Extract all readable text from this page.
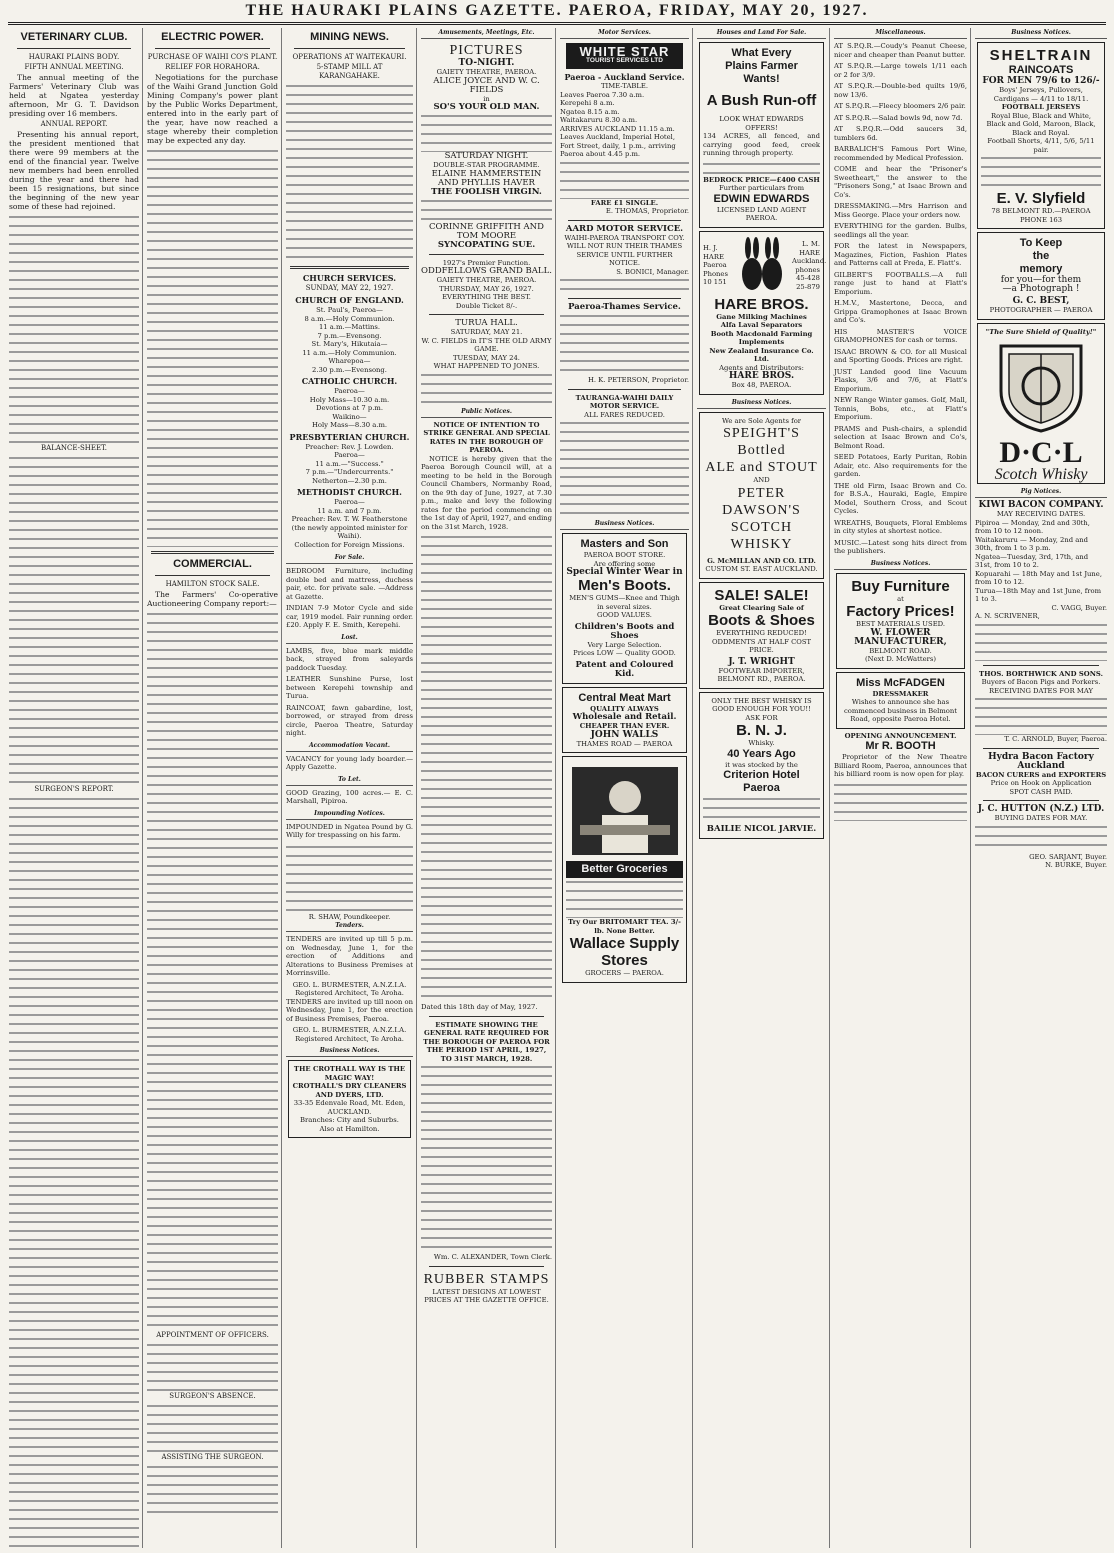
THE HAURAKI PLAINS GAZETTE. PAEROA, FRIDAY, MAY 20, 1927.
VETERINARY CLUB.
HAURAKI PLAINS BODY.
FIFTH ANNUAL MEETING.

The annual meeting of the Farmers' Veterinary Club was held at Ngatea yesterday afternoon, Mr G. T. Davidson presiding over 16 members.

ANNUAL REPORT.

Presenting his annual report, the president mentioned that there were 99 members at the end of the financial year. Twelve new members had been enrolled during the year and there had been 15 resignations, but since the beginning of the new year some of these had rejoined.

BALANCE-SHEET.
SURGEON'S REPORT.
ELECTRIC POWER.
PURCHASE OF WAIHI CO'S PLANT.
RELIEF FOR HORAHORA.

Negotiations for the purchase of the Waihi Grand Junction Gold Mining Company's power plant by the Public Works Department, entered into in the early part of the year, have now reached a stage whereby their completion may be expected any day.

COMMERCIAL.
HAMILTON STOCK SALE.

The Farmers' Co-operative Auctioneering Company report:—

APPOINTMENT OF OFFICERS.
SURGEON'S ABSENCE.
ASSISTING THE SURGEON.
MINING NEWS.
OPERATIONS AT WAITEKAURI.
5-STAMP MILL AT KARANGAHAKE.
CHURCH SERVICES.
SUNDAY, MAY 22, 1927.
CHURCH OF ENGLAND.
St. Paul's, Paeroa—
8 a.m.—Holy Communion.
11 a.m.—Mattins.
7 p.m.—Evensong.
St. Mary's, Hikutaia—
11 a.m.—Holy Communion.
Wharepoa—
2.30 p.m.—Evensong.
CATHOLIC CHURCH.
Paeroa—
Holy Mass—10.30 a.m.
Devotions at 7 p.m.
Waikino—
Holy Mass—8.30 a.m.
PRESBYTERIAN CHURCH.
Preacher: Rev. J. Lowden.
Paeroa—
11 a.m.—"Success."
7 p.m.—"Undercurrents."
Netherton—2.30 p.m.
METHODIST CHURCH.
Paeroa—
11 a.m. and 7 p.m.
Preacher: Rev. T. W. Featherstone (the newly appointed minister for Waihi).
Collection for Foreign Missions.
For Sale.

BEDROOM Furniture, including double bed and mattress, duchess pair, etc. for private sale. —Address at Gazette.

INDIAN 7-9 Motor Cycle and side car, 1919 model. Fair running order. £20. Apply F. E. Smith, Kerepehi.

Lost.

LAMBS, five, blue mark middle back, strayed from saleyards paddock Tuesday.

LEATHER Sunshine Purse, lost between Kerepehi township and Turua.

RAINCOAT, fawn gabardine, lost, borrowed, or strayed from dress circle, Paeroa Theatre, Saturday night.

Accommodation Vacant.

VACANCY for young lady boarder.—Apply Gazette.

To Let.

GOOD Grazing, 100 acres.— E. C. Marshall, Pipiroa.

Impounding Notices.

IMPOUNDED in Ngatea Pound by G. Willy for trespassing on his farm.

R. SHAW, Poundkeeper.
Tenders.

TENDERS are invited up till 5 p.m. on Wednesday, June 1, for the erection of Additions and Alterations to Business Premises at Morrinsville.

GEO. L. BURMESTER, A.N.Z.I.A. Registered Architect, Te Aroha.

TENDERS are invited up till noon on Wednesday, June 1, for the erection of Business Premises, Paeroa.

GEO. L. BURMESTER, A.N.Z.I.A. Registered Architect, Te Aroha.
Business Notices.
THE CROTHALL WAY IS THE MAGIC WAY!
CROTHALL'S DRY CLEANERS AND DYERS, LTD.
33-35 Edenvale Road, Mt. Eden, AUCKLAND.
Branches: City and Suburbs. Also at Hamilton.
Amusements, Meetings, Etc.
PICTURES
TO-NIGHT.
GAIETY THEATRE, PAEROA.
ALICE JOYCE AND W. C. FIELDS
in
SO'S YOUR OLD MAN.
SATURDAY NIGHT.
DOUBLE-STAR PROGRAMME.
ELAINE HAMMERSTEIN AND PHYLLIS HAVER
THE FOOLISH VIRGIN.
CORINNE GRIFFITH AND TOM MOORE
SYNCOPATING SUE.
1927's Premier Function.
ODDFELLOWS GRAND BALL.
GAIETY THEATRE, PAEROA.
THURSDAY, MAY 26, 1927.
EVERYTHING THE BEST.
Double Ticket 8/-.
TURUA HALL.
SATURDAY, MAY 21.
W. C. FIELDS in IT'S THE OLD ARMY GAME.
TUESDAY, MAY 24.
WHAT HAPPENED TO JONES.
Public Notices.
NOTICE OF INTENTION TO STRIKE GENERAL AND SPECIAL RATES IN THE BOROUGH OF PAEROA.

NOTICE is hereby given that the Paeroa Borough Council will, at a meeting to be held in the Borough Council Chambers, Normanby Road, on the 9th day of June, 1927, at 7.30 p.m., make and levy the following rates for the period commencing on the 1st day of April, 1927, and ending on the 31st March, 1928.

Dated this 18th day of May, 1927.
ESTIMATE SHOWING THE GENERAL RATE REQUIRED FOR THE BOROUGH OF PAEROA FOR THE PERIOD 1ST APRIL, 1927, TO 31ST MARCH, 1928.
Wm. C. ALEXANDER, Town Clerk.
RUBBER STAMPS
LATEST DESIGNS AT LOWEST PRICES AT THE GAZETTE OFFICE.
Motor Services.
WHITE STAR
TOURIST SERVICES LTD
Paeroa - Auckland Service.
TIME-TABLE.
Leaves Paeroa 7.30 a.m.
Kerepehi 8 a.m.
Ngatea 8.15 a.m.
Waitakaruru 8.30 a.m.
ARRIVES AUCKLAND 11.15 a.m.
Leaves Auckland, Imperial Hotel, Fort Street, daily, 1 p.m., arriving Paeroa about 4.45 p.m.
FARE £1 SINGLE.
E. THOMAS, Proprietor.
AARD MOTOR SERVICE.
WAIHI-PAEROA TRANSPORT COY.
WILL NOT RUN THEIR THAMES SERVICE UNTIL FURTHER NOTICE.
S. BONICI, Manager.
Paeroa-Thames Service.
H. K. PETERSON, Proprietor.
TAURANGA-WAIHI DAILY MOTOR SERVICE.
ALL FARES REDUCED.
Business Notices.
Masters and Son
PAEROA BOOT STORE.
Are offering some
Special Winter Wear in
Men's Boots.
MEN'S GUMS—Knee and Thigh in several sizes.
GOOD VALUES.
Children's Boots and Shoes
Very Large Selection.
Prices LOW — Quality GOOD.
Patent and Coloured Kid.
Central Meat Mart
QUALITY ALWAYS
Wholesale and Retail.
CHEAPER THAN EVER.
JOHN WALLS
THAMES ROAD — PAEROA
Better Groceries
Try Our BRITOMART TEA. 3/- lb. None Better.
Wallace Supply Stores
GROCERS — PAEROA.
Houses and Land For Sale.
What Every
Plains Farmer
Wants!
A Bush Run-off
LOOK WHAT EDWARDS OFFERS!

134 ACRES, all fenced, and carrying good feed, creek running through property.

BEDROCK PRICE—£400 CASH
Further particulars from
EDWIN EDWARDS
LICENSED LAND AGENT PAEROA.
H. J. HARE Paeroa Phones 10 151
L. M. HARE Auckland. phones 45-428 25-879
HARE BROS.
Gane Milking Machines
Alfa Laval Separators
Booth Macdonald Farming Implements
New Zealand Insurance Co. Ltd.
Agents and Distributors:
HARE BROS.
Box 48, PAEROA.
Business Notices.
We are Sole Agents for
SPEIGHT'S
Bottled
ALE and STOUT
AND
PETER DAWSON'S
SCOTCH WHISKY
G. McMILLAN AND CO. LTD.
CUSTOM ST. EAST AUCKLAND.
SALE! SALE!
Great Clearing Sale of
Boots & Shoes
EVERYTHING REDUCED!
ODDMENTS AT HALF COST PRICE.
J. T. WRIGHT
FOOTWEAR IMPORTER, BELMONT RD., PAEROA.
ONLY THE BEST WHISKY IS GOOD ENOUGH FOR YOU!!
ASK FOR
B. N. J.
Whisky.
40 Years Ago
it was stocked by the
Criterion Hotel
Paeroa
BAILIE NICOL JARVIE.
Miscellaneous.

AT S.P.Q.R.—Coudy's Peanut Cheese, nicer and cheaper than Peanut butter.

AT S.P.Q.R.—Large towels 1/11 each or 2 for 3/9.

AT S.P.Q.R.—Double-bed quilts 19/6, now 13/6.

AT S.P.Q.R.—Fleecy bloomers 2/6 pair.

AT S.P.Q.R.—Salad bowls 9d, now 7d.

AT S.P.Q.R.—Odd saucers 3d, tumblers 6d.

BARBALICH'S Famous Port Wine, recommended by Medical Profession.

COME and hear the "Prisoner's Sweetheart," the answer to the "Prisoners Song," at Isaac Brown and Co's.

DRESSMAKING.—Mrs Harrison and Miss George. Place your orders now.

EVERYTHING for the garden. Bulbs, seedlings all the year.

FOR the latest in Newspapers, Magazines, Fiction, Fashion Plates and Patterns call at Freda, E. Flatt's.

GILBERT'S FOOTBALLS.—A full range just to hand at Flatt's Emporium.

H.M.V., Mastertone, Decca, and Grippa Gramophones at Isaac Brown and Co's.

HIS MASTER'S VOICE GRAMOPHONES for cash or terms.

ISAAC BROWN & CO. for all Musical and Sporting Goods. Prices are right.

JUST Landed good line Vacuum Flasks, 3/6 and 7/6, at Flatt's Emporium.

NEW Range Winter games. Golf, Mall, Tennis, Bobs, etc., at Flatt's Emporium.

PRAMS and Push-chairs, a splendid selection at Isaac Brown and Co's, Belmont Road.

SEED Potatoes, Early Puritan, Robin Adair, etc. Also requirements for the garden.

THE old Firm, Isaac Brown and Co. for B.S.A., Hauraki, Eagle, Empire Model, Southern Cross, and Scout Cycles.

WREATHS, Bouquets, Floral Emblems in city styles at shortest notice.

MUSIC.—Latest song hits direct from the publishers.

Business Notices.
Buy Furniture
at
Factory Prices!
BEST MATERIALS USED.
W. FLOWER
MANUFACTURER,
BELMONT ROAD.
(Next D. McWatters)
Miss McFADGEN
DRESSMAKER
Wishes to announce she has commenced business in Belmont Road, opposite Paeroa Hotel.
OPENING ANNOUNCEMENT.
Mr R. BOOTH

Proprietor of the New Theatre Billiard Room, Paeroa, announces that his billiard room is now open for play.

Business Notices.
SHELTRAIN
RAINCOATS
FOR MEN 79/6 to 126/-
Boys' Jerseys, Pullovers, Cardigans — 4/11 to 18/11.
FOOTBALL JERSEYS
Royal Blue, Black and White, Black and Gold, Maroon, Black, Black and Royal.
Football Shorts, 4/11, 5/6, 5/11 pair.
E. V. Slyfield
78 BELMONT RD.—PAEROA
PHONE 163
To Keep
the
memory
for you—for them
—a Photograph !
G. C. BEST,
PHOTOGRAPHER — PAEROA
"The Sure Shield of Quality!"
D·C·L
Scotch Whisky
Pig Notices.
KIWI BACON COMPANY.
MAY RECEIVING DATES.
Pipiroa — Monday, 2nd and 30th, from 10 to 12 noon.
Waitakaruru — Monday, 2nd and 30th, from 1 to 3 p.m.
Ngatea—Tuesday, 3rd, 17th, and 31st, from 10 to 2.
Kopuarahi — 18th May and 1st June, from 10 to 12.
Turua—18th May and 1st June, from 1 to 3.
C. VAGG, Buyer.
A. N. SCRIVENER,
THOS. BORTHWICK AND SONS.
Buyers of Bacon Pigs and Porkers.
RECEIVING DATES FOR MAY
T. C. ARNOLD, Buyer, Paeroa.
Hydra Bacon Factory Auckland
BACON CURERS and EXPORTERS
Price on Hook on Application
SPOT CASH PAID.
J. C. HUTTON (N.Z.) LTD.
BUYING DATES FOR MAY.
GEO. SARJANT, Buyer.
N. BURKE, Buyer.
